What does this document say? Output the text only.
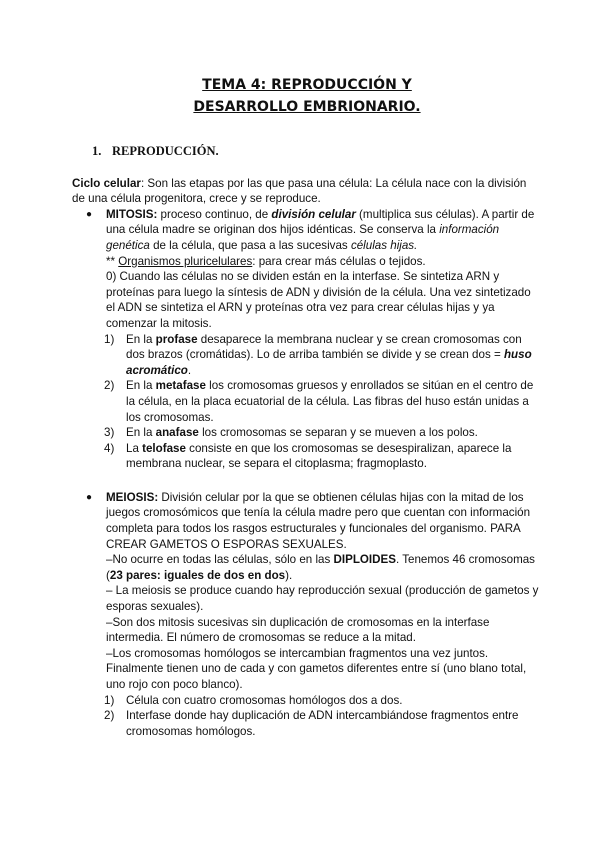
TEMA 4: REPRODUCCIÓN Y
DESARROLLO EMBRIONARIO.
1. REPRODUCCIÓN.

Ciclo celular: Son las etapas por las que pasa una célula: La célula nace con la división de una célula progenitora, crece y se reproduce.

● MITOSIS: proceso continuo, de división celular (multiplica sus células). A partir de una célula madre se originan dos hijos idénticas. Se conserva la información genética de la célula, que pasa a las sucesivas células hijas.

** Organismos pluricelulares: para crear más células o tejidos.

0) Cuando las células no se dividen están en la interfase. Se sintetiza ARN y proteínas para luego la síntesis de ADN y división de la célula. Una vez sintetizado el ADN se sintetiza el ARN y proteínas otra vez para crear células hijas y ya comenzar la mitosis.

1) En la profase desaparece la membrana nuclear y se crean cromosomas con dos brazos (cromátidas). Lo de arriba también se divide y se crean dos = huso acromático.
2) En la metafase los cromosomas gruesos y enrollados se sitúan en el centro de la célula, en la placa ecuatorial de la célula. Las fibras del huso están unidas a los cromosomas.
3) En la anafase los cromosomas se separan y se mueven a los polos.
4) La telofase consiste en que los cromosomas se desespiralizan, aparece la membrana nuclear, se separa el citoplasma; fragmoplasto.
● MEIOSIS: División celular por la que se obtienen células hijas con la mitad de los juegos cromosómicos que tenía la célula madre pero que cuentan con información completa para todos los rasgos estructurales y funcionales del organismo. PARA CREAR GAMETOS O ESPORAS SEXUALES.

–No ocurre en todas las células, sólo en las DIPLOIDES. Tenemos 46 cromosomas (23 pares: iguales de dos en dos).

– La meiosis se produce cuando hay reproducción sexual (producción de gametos y esporas sexuales).

–Son dos mitosis sucesivas sin duplicación de cromosomas en la interfase intermedia. El número de cromosomas se reduce a la mitad.

–Los cromosomas homólogos se intercambian fragmentos una vez juntos. Finalmente tienen uno de cada y con gametos diferentes entre sí (uno blano total, uno rojo con poco blanco).

1) Célula con cuatro cromosomas homólogos dos a dos.
2) Interfase donde hay duplicación de ADN intercambiándose fragmentos entre cromosomas homólogos.
